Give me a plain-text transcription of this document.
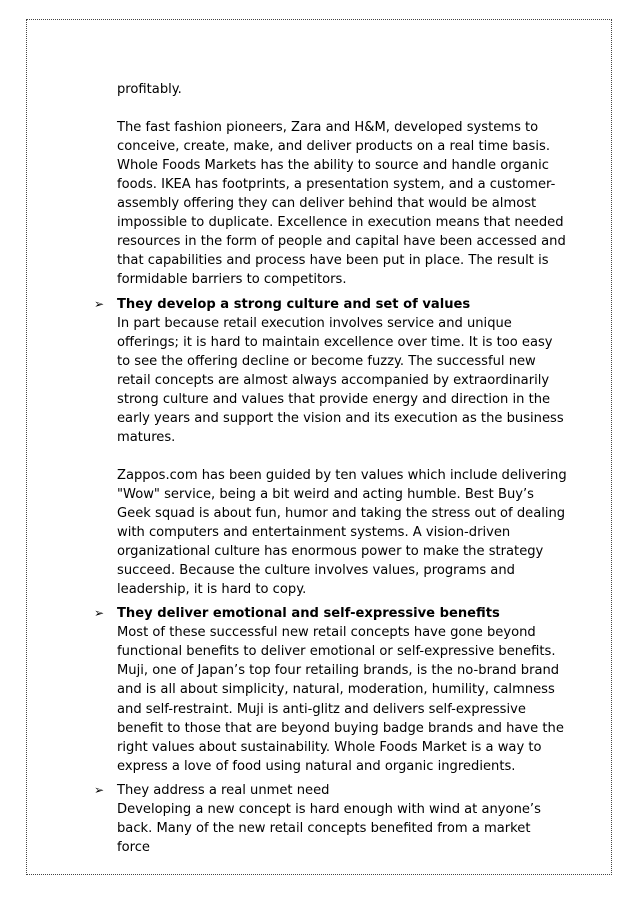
profitably.

The fast fashion pioneers, Zara and H&M, developed systems to
conceive, create, make, and deliver products on a real time basis.
Whole Foods Markets has the ability to source and handle organic
foods. IKEA has footprints, a presentation system, and a customer-
assembly offering they can deliver behind that would be almost
impossible to duplicate. Excellence in execution means that needed
resources in the form of people and capital have been accessed and
that capabilities and process have been put in place. The result is
formidable barriers to competitors.

➢ They develop a strong culture and set of values

In part because retail execution involves service and unique
offerings; it is hard to maintain excellence over time. It is too easy
to see the offering decline or become fuzzy. The successful new
retail concepts are almost always accompanied by extraordinarily
strong culture and values that provide energy and direction in the
early years and support the vision and its execution as the business
matures.

Zappos.com has been guided by ten values which include delivering
"Wow" service, being a bit weird and acting humble. Best Buy’s
Geek squad is about fun, humor and taking the stress out of dealing
with computers and entertainment systems. A vision-driven
organizational culture has enormous power to make the strategy
succeed. Because the culture involves values, programs and
leadership, it is hard to copy.

➢ They deliver emotional and self-expressive benefits

Most of these successful new retail concepts have gone beyond
functional benefits to deliver emotional or self-expressive benefits.
Muji, one of Japan’s top four retailing brands, is the no-brand brand
and is all about simplicity, natural, moderation, humility, calmness
and self-restraint. Muji is anti-glitz and delivers self-expressive
benefit to those that are beyond buying badge brands and have the
right values about sustainability. Whole Foods Market is a way to
express a love of food using natural and organic ingredients.

➢ They address a real unmet need

Developing a new concept is hard enough with wind at anyone’s
back. Many of the new retail concepts benefited from a market force
